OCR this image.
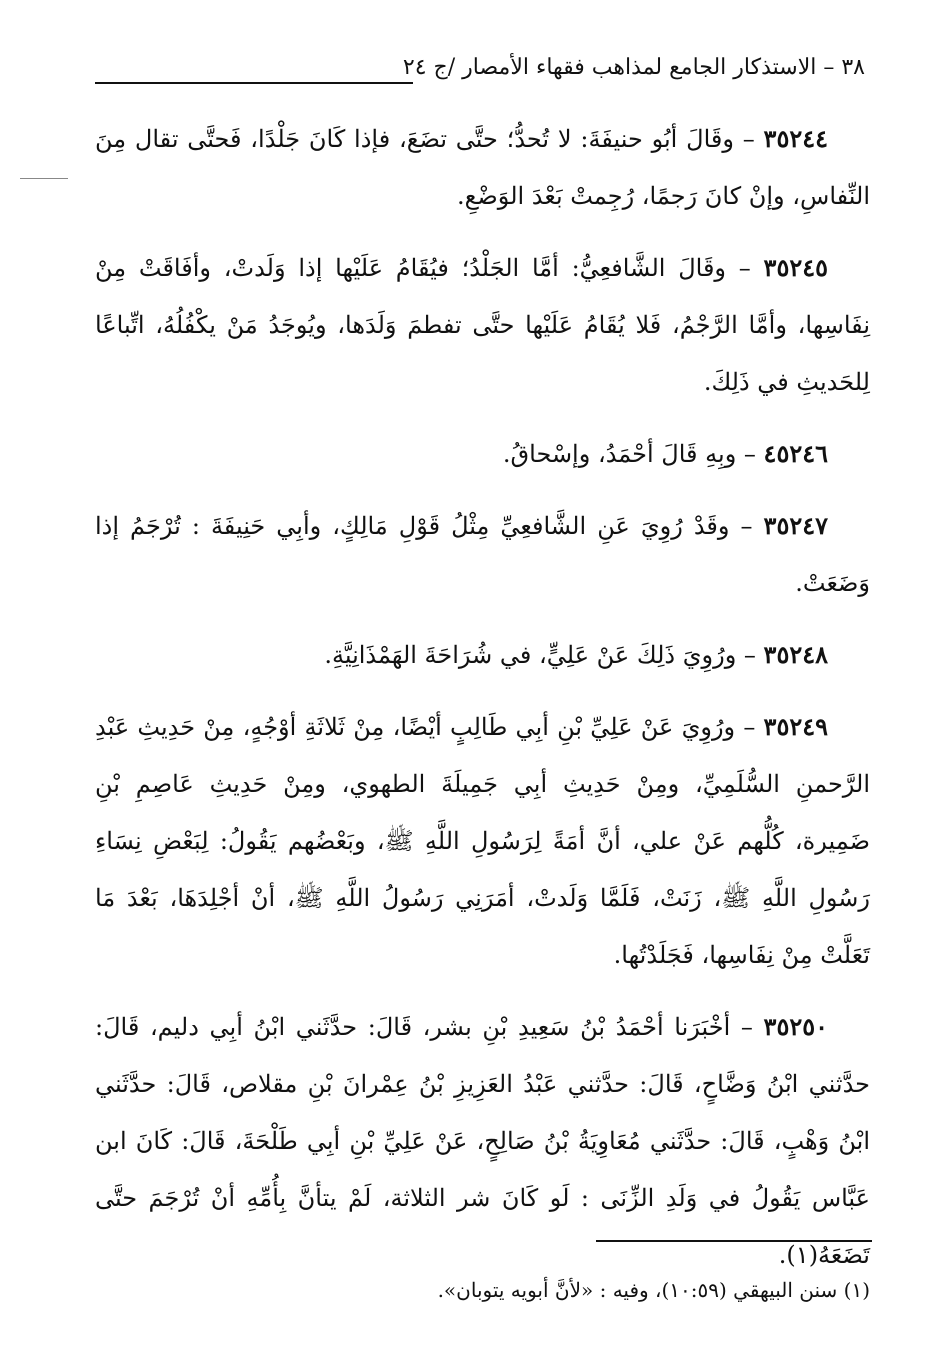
٣٨ – الاستذكار الجامع لمذاهب فقهاء الأمصار /ج ٢٤

٣٥٢٤٤ – وقَالَ أبُو حنيفَةَ: لا تُحدُّ؛ حتَّى تضَعَ، فإذا كَانَ جَلْدًا، فَحتَّى تقال مِنَ النِّفاسِ، وإنْ كانَ رَجمًا، رُجِمتْ بَعْدَ الوَضْعِ.

٣٥٢٤٥ – وقَالَ الشَّافعِيُّ: أمَّا الجَلْدُ؛ فيُقَامُ عَلَيْها إذا وَلَدتْ، وأفَاقَتْ مِنْ نِفَاسِها، وأمَّا الرَّجْمُ، فَلا يُقَامُ عَلَيْها حتَّى تفطمَ وَلَدَها، ويُوجَدُ مَنْ يكْفُلُهُ، اتِّباعًا لِلحَديثِ في ذَلِكَ.

٤٥٢٤٦ – وبِهِ قَالَ أحْمَدُ، وإسْحاقُ.

٣٥٢٤٧ – وقَدْ رُوِيَ عَنِ الشَّافعِيِّ مِثْلُ قَوْلِ مَالِكٍ، وأبِي حَنِيفَةَ : تُرْجَمُ إذا وَضَعَتْ.

٣٥٢٤٨ – ورُوِيَ ذَلِكَ عَنْ عَلِيٍّ، في شُرَاحَةَ الهَمْذَانِيَّةِ.

٣٥٢٤٩ – ورُوِيَ عَنْ عَلِيِّ بْنِ أبِي طَالِبٍ أيْضًا، مِنْ ثَلاثَةِ أوْجُهٍ، مِنْ حَدِيثِ عَبْدِ الرَّحمنِ السُّلَمِيِّ، ومِنْ حَدِيثِ أبِي جَمِيلَةَ الطهوي، ومِنْ حَدِيثِ عَاصِمِ بْنِ ضَمِيرة، كُلُّهم عَنْ علي، أنَّ أمَةً لِرَسُولِ اللَّهِ ﷺ، وبَعْضُهم يَقُولُ: لِبَعْضِ نِسَاءِ رَسُولِ اللَّهِ ﷺ، زَنَتْ، فَلَمَّا وَلَدتْ، أمَرَنِي رَسُولُ اللَّهِ ﷺ، أنْ أجْلِدَهَا، بَعْدَ مَا تَعَلَّتْ مِنْ نِفَاسِها، فَجَلَدْتُها.

٣٥٢٥٠ – أخْبَرَنا أحْمَدُ بْنُ سَعِيدِ بْنِ بشر، قَالَ: حدَّثَني ابْنُ أبِي دليم، قَالَ: حدَّثني ابْنُ وَضَّاحٍ، قَالَ: حدَّثني عَبْدُ العَزِيزِ بْنُ عِمْرانَ بْنِ مقلاص، قَالَ: حدَّثَني ابْنُ وَهْبٍ، قَالَ: حدَّثَني مُعَاوِيَةُ بْنُ صَالِحٍ، عَنْ عَلِيِّ بْنِ أبِي طَلْحَةَ، قَالَ: كَانَ ابن عَبَّاس يَقُولُ في وَلَدِ الزِّنَى : لَو كَانَ شر الثلاثة، لَمْ يتأنَّ بِأُمِّهِ أنْ تُرْجَمَ حتَّى تَضَعَهُ(١).

(١) سنن البيهقي (١٠:٥٩)، وفيه : «لأنَّ أبويه يتوبان».
